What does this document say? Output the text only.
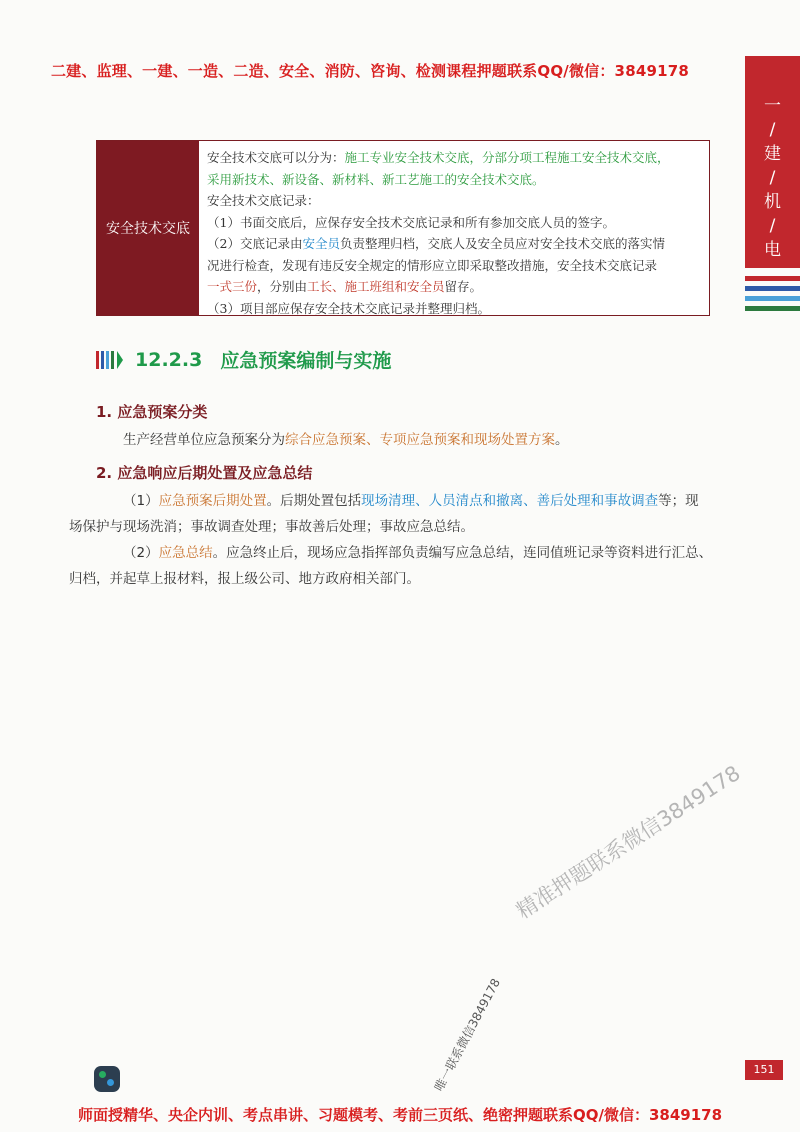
二建、监理、一建、一造、二造、安全、消防、咨询、检测课程押题联系QQ/微信：3849178
一
/
建
/
机
/
电
安全技术交底
安全技术交底可以分为：施工专业安全技术交底，分部分项工程施工安全技术交底，
采用新技术、新设备、新材料、新工艺施工的安全技术交底。
安全技术交底记录：
（1）书面交底后，应保存安全技术交底记录和所有参加交底人员的签字。
（2）交底记录由安全员负责整理归档，交底人及安全员应对安全技术交底的落实情
况进行检查，发现有违反安全规定的情形应立即采取整改措施，安全技术交底记录
一式三份，分别由工长、施工班组和安全员留存。
（3）项目部应保存安全技术交底记录并整理归档。
12.2.3 应急预案编制与实施
1. 应急预案分类
生产经营单位应急预案分为综合应急预案、专项应急预案和现场处置方案。
2. 应急响应后期处置及应急总结
（1）应急预案后期处置。后期处置包括现场清理、人员清点和撤离、善后处理和事故调查等；现
场保护与现场洗消；事故调查处理；事故善后处理；事故应急总结。
（2）应急总结。应急终止后，现场应急指挥部负责编写应急总结，连同值班记录等资料进行汇总、
归档，并起草上报材料，报上级公司、地方政府相关部门。
精准押题联系微信3849178
唯一联系微信3849178	151
师面授精华、央企内训、考点串讲、习题模考、考前三页纸、绝密押题联系QQ/微信：3849178
